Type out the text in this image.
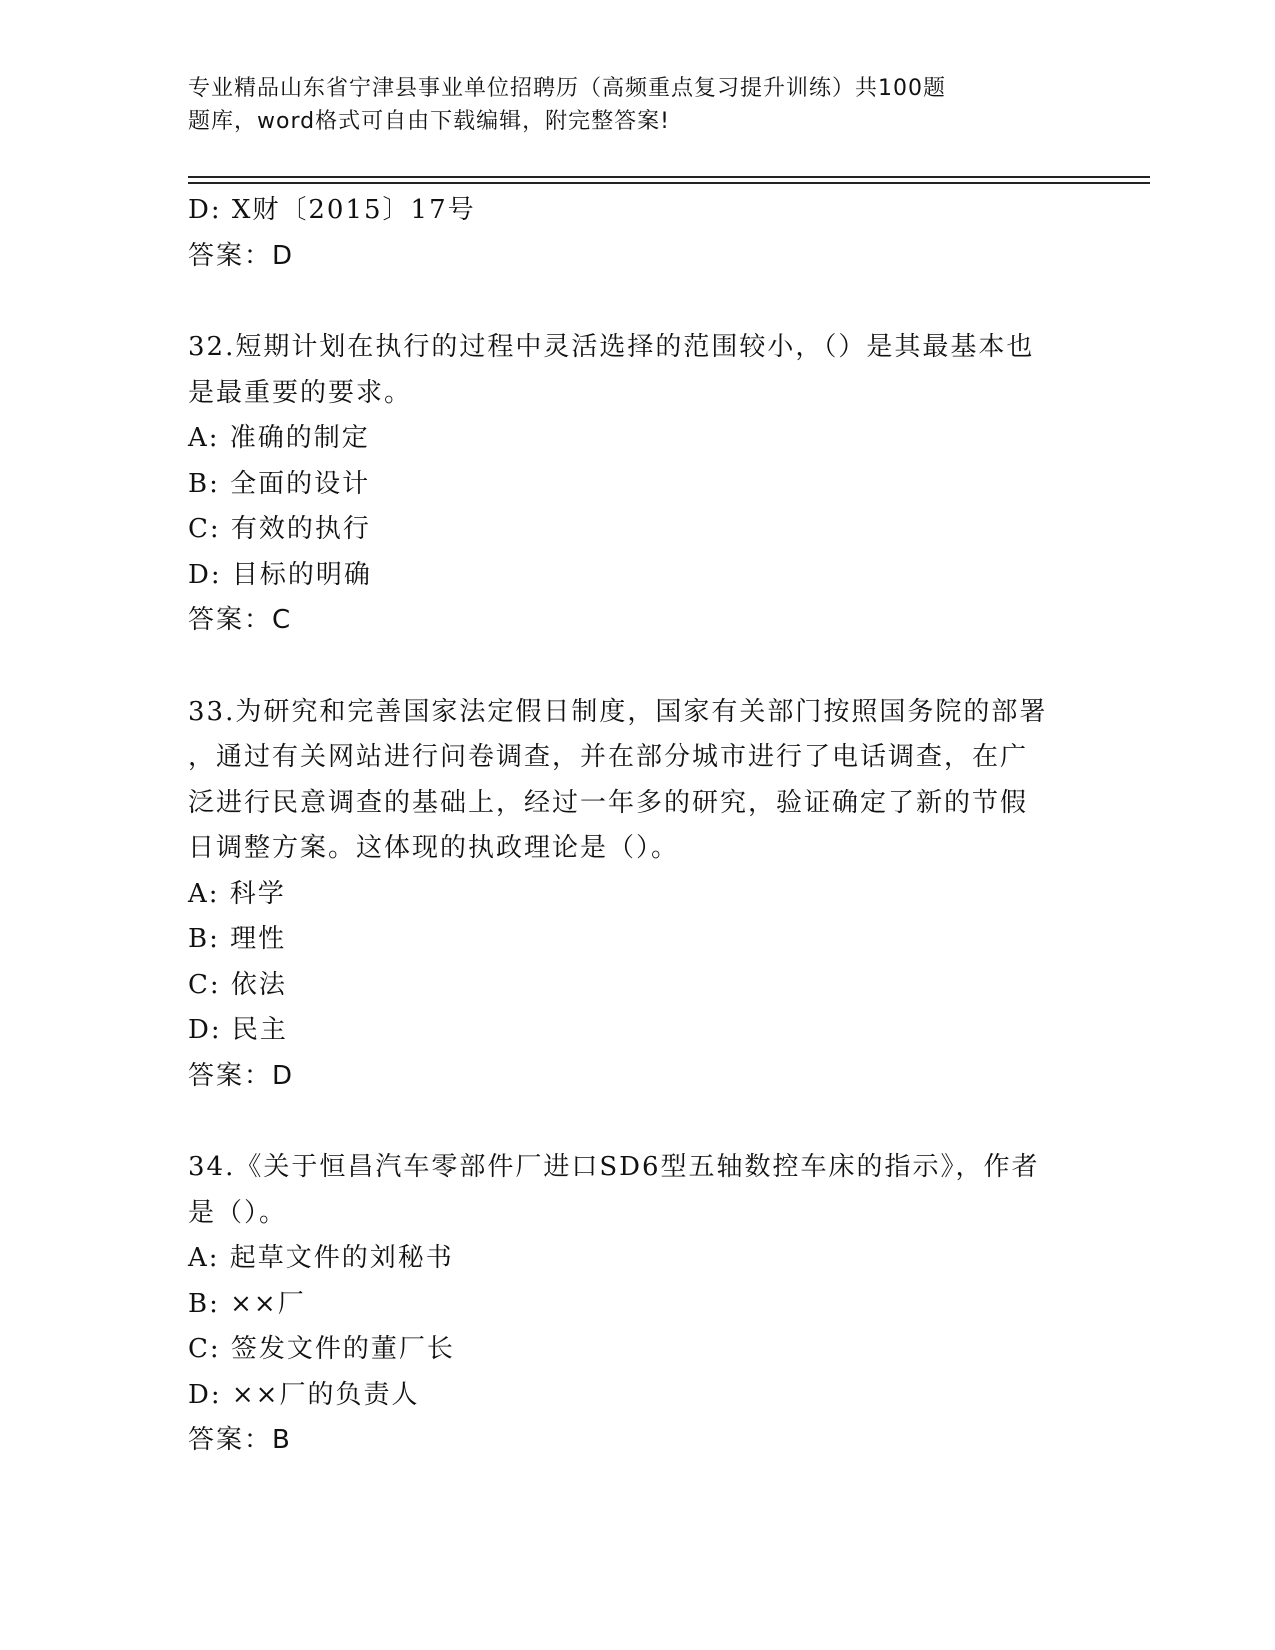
专业精品山东省宁津县事业单位招聘历（高频重点复习提升训练）共100题
题库，word格式可自由下载编辑，附完整答案!
D: X财〔2015〕17号
答案：D
32.短期计划在执行的过程中灵活选择的范围较小，（）是其最基本也
是最重要的要求。
A: 准确的制定
B: 全面的设计
C: 有效的执行
D: 目标的明确
答案：C
33.为研究和完善国家法定假日制度，国家有关部门按照国务院的部署
，通过有关网站进行问卷调查，并在部分城市进行了电话调查，在广
泛进行民意调查的基础上，经过一年多的研究，验证确定了新的节假
日调整方案。这体现的执政理论是（）。
A: 科学
B: 理性
C: 依法
D: 民主
答案：D
34.《关于恒昌汽车零部件厂进口SD6型五轴数控车床的指示》，作者
是（）。
A: 起草文件的刘秘书
B: ××厂
C: 签发文件的董厂长
D: ××厂的负责人
答案：B
